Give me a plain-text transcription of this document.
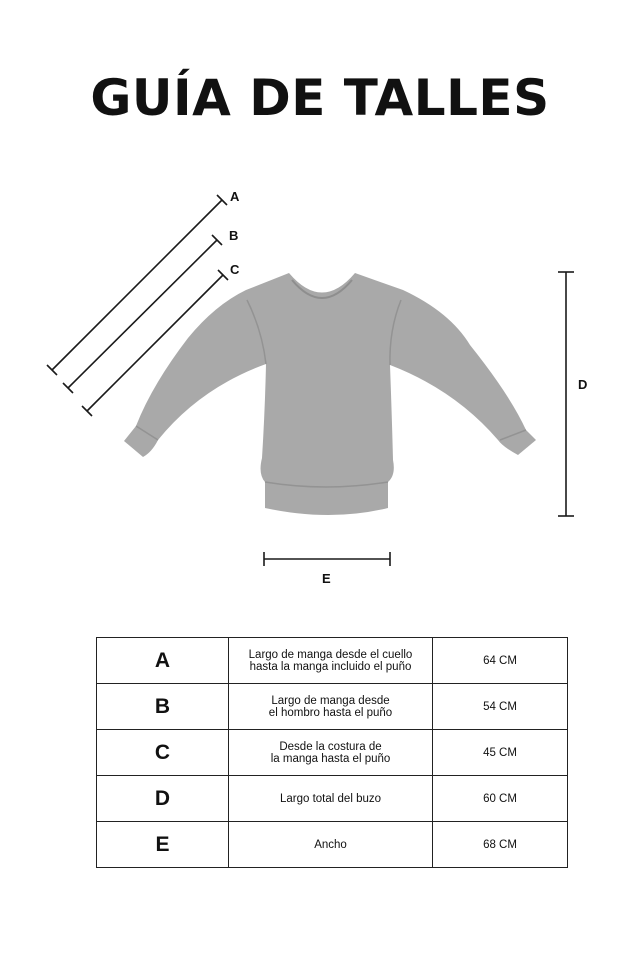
GUÍA DE TALLES
A
B
C
D
E
A	Largo de manga desde el cuello
hasta la manga incluido el puño	64 CM
B	Largo de manga desde
el hombro hasta el puño	54 CM
C	Desde la costura de
la manga hasta el puño	45 CM
D	Largo total del buzo	60 CM
E	Ancho	68 CM
